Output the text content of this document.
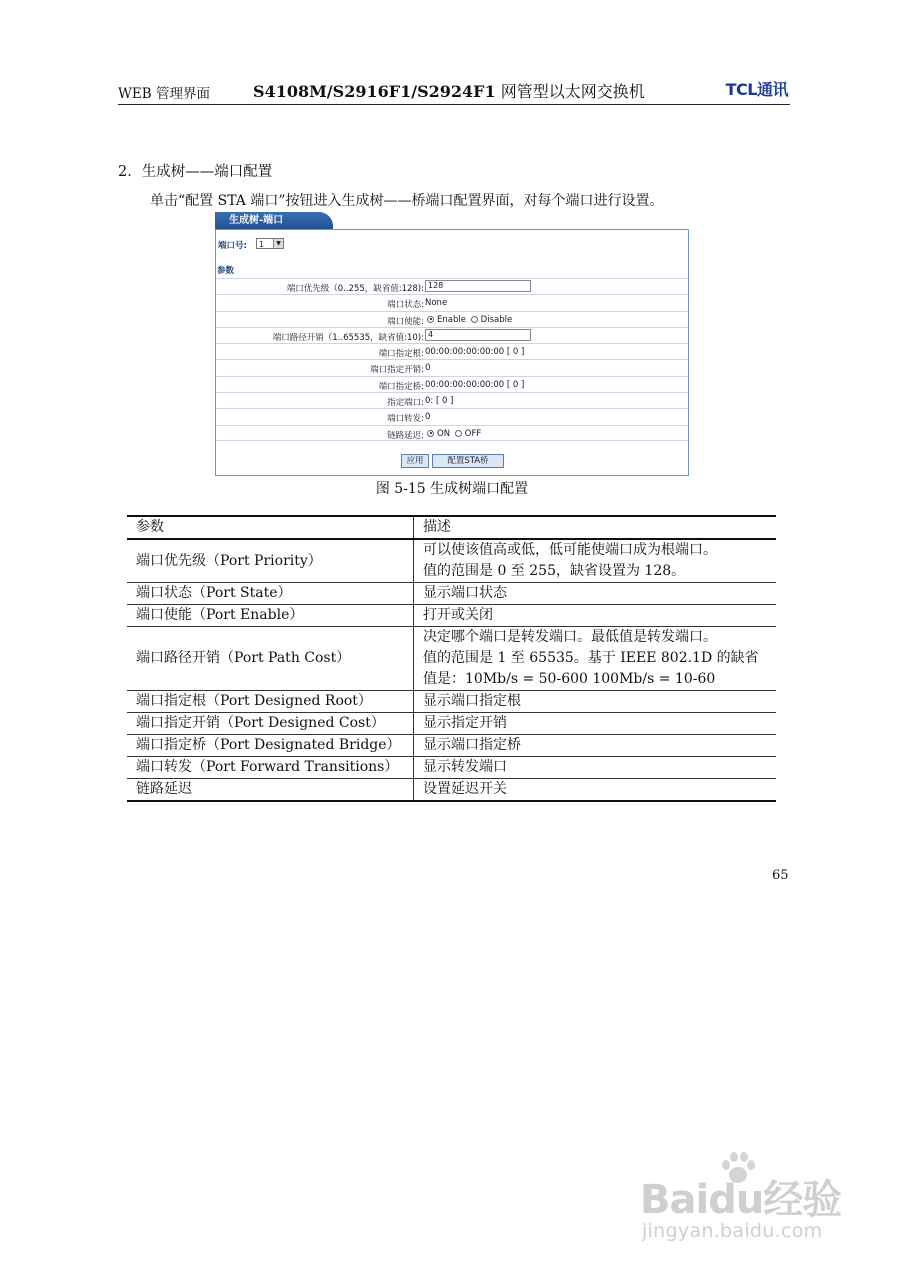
WEB 管理界面	S4108M/S2916F1/S2924F1 网管型以太网交换机	TCL通讯
2．生成树——端口配置
单击“配置 STA 端口”按钮进入生成树——桥端口配置界面，对每个端口进行设置。
生成树-端口
端口号:	1	▼
参数
端口优先级（0..255，缺省值:128): 128
端口状态: None
端口使能:	Enable Disable
端口路径开销（1..65535，缺省值:10): 4
端口指定根: 00:00:00:00:00:00 [ 0 ]
端口指定开销: 0
端口指定桥: 00:00:00:00:00:00 [ 0 ]
指定端口: 0: [ 0 ]
端口转发: 0
链路延迟:	ON OFF
应用	配置STA桥
图 5-15 生成树端口配置
参数	描述
端口优先级（Port Priority）	可以使该值高或低，低可能使端口成为根端口。
值的范围是 0 至 255，缺省设置为 128。

端口状态（Port State）	显示端口状态

端口使能（Port Enable）	打开或关闭

端口路径开销（Port Path Cost）	决定哪个端口是转发端口。最低值是转发端口。
值的范围是 1 至 65535。基于 IEEE 802.1D 的缺省
值是：10Mb/s = 50-600 100Mb/s = 10-60

端口指定根（Port Designed Root）	显示端口指定根

端口指定开销（Port Designed Cost）	显示指定开销

端口指定桥（Port Designated Bridge）	显示端口指定桥

端口转发（Port Forward Transitions）	显示转发端口

链路延迟	设置延迟开关
65
Baidu经验
jingyan.baidu.com
